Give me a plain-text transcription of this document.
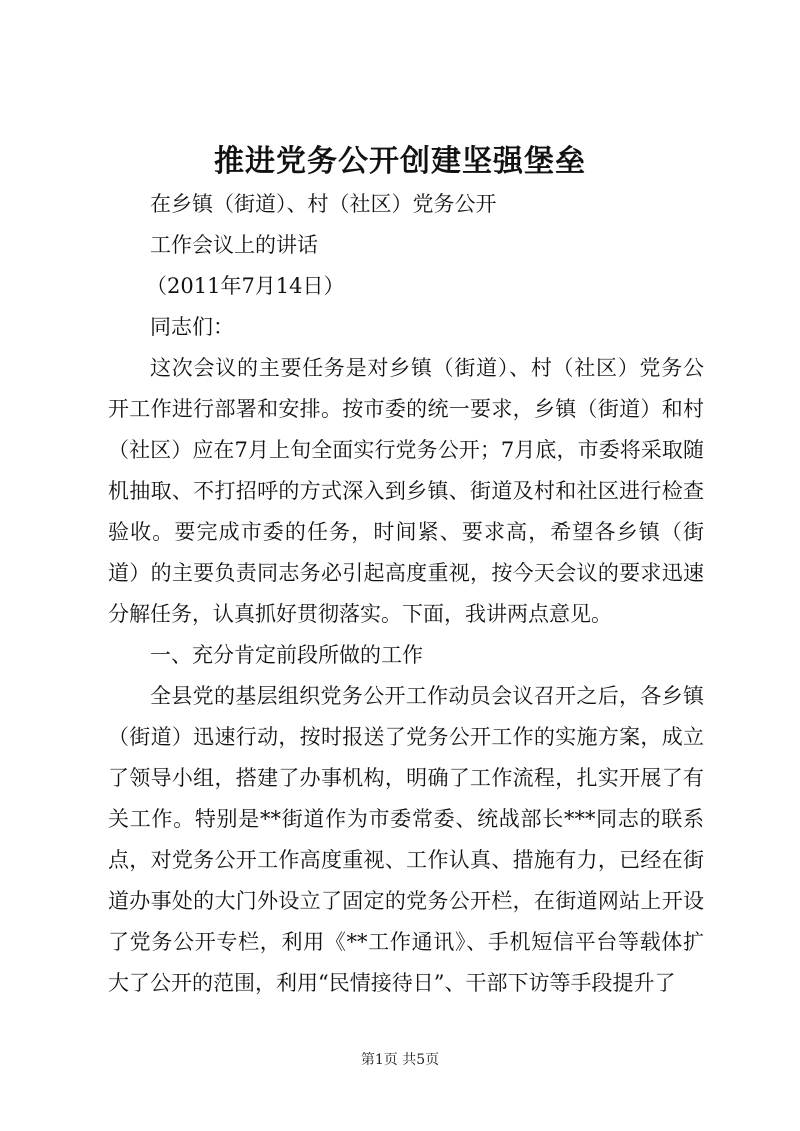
推进党务公开创建坚强堡垒

在乡镇（街道）、村（社区）党务公开

工作会议上的讲话

（2011年7月14日）

同志们：

这次会议的主要任务是对乡镇（街道）、村（社区）党务公开工作进行部署和安排。按市委的统一要求，乡镇（街道）和村（社区）应在7月上旬全面实行党务公开；7月底，市委将采取随机抽取、不打招呼的方式深入到乡镇、街道及村和社区进行检查验收。要完成市委的任务，时间紧、要求高，希望各乡镇（街道）的主要负责同志务必引起高度重视，按今天会议的要求迅速分解任务，认真抓好贯彻落实。下面，我讲两点意见。

一、充分肯定前段所做的工作

全县党的基层组织党务公开工作动员会议召开之后，各乡镇（街道）迅速行动，按时报送了党务公开工作的实施方案，成立了领导小组，搭建了办事机构，明确了工作流程，扎实开展了有关工作。特别是**街道作为市委常委、统战部长***同志的联系点，对党务公开工作高度重视、工作认真、措施有力，已经在街道办事处的大门外设立了固定的党务公开栏，在街道网站上开设了党务公开专栏，利用《**工作通讯》、手机短信平台等载体扩大了公开的范围，利用“民情接待日”、干部下访等手段提升了

第1页 共5页
